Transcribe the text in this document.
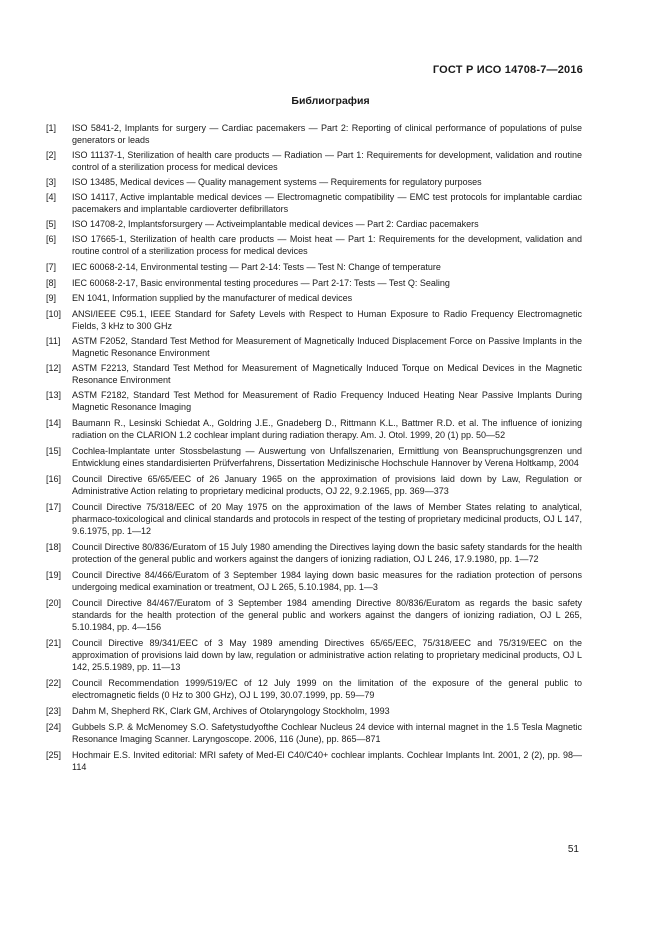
ГОСТ Р ИСО 14708-7—2016
Библиография
[1]	ISO 5841-2, Implants for surgery — Cardiac pacemakers — Part 2: Reporting of clinical performance of populations of pulse generators or leads
[2]	ISO 11137-1, Sterilization of health care products — Radiation — Part 1: Requirements for development, validation and routine control of a sterilization process for medical devices
[3]	ISO 13485, Medical devices — Quality management systems — Requirements for regulatory purposes
[4]	ISO 14117, Active implantable medical devices — Electromagnetic compatibility — EMC test protocols for implantable cardiac pacemakers and implantable cardioverter defibrillators
[5]	ISO 14708-2, Implantsforsurgery — Activeimplantable medical devices — Part 2: Cardiac pacemakers
[6]	ISO 17665-1, Sterilization of health care products — Moist heat — Part 1: Requirements for the development, validation and routine control of a sterilization process for medical devices
[7]	IEC 60068-2-14, Environmental testing — Part 2-14: Tests — Test N: Change of temperature
[8]	IEC 60068-2-17, Basic environmental testing procedures — Part 2-17: Tests — Test Q: Sealing
[9]	EN 1041, Information supplied by the manufacturer of medical devices
[10]	ANSI/IEEE C95.1, IEEE Standard for Safety Levels with Respect to Human Exposure to Radio Frequency Electromagnetic Fields, 3 kHz to 300 GHz
[11]	ASTM F2052, Standard Test Method for Measurement of Magnetically Induced Displacement Force on Passive Implants in the Magnetic Resonance Environment
[12]	ASTM F2213, Standard Test Method for Measurement of Magnetically Induced Torque on Medical Devices in the Magnetic Resonance Environment
[13]	ASTM F2182, Standard Test Method for Measurement of Radio Frequency Induced Heating Near Passive Implants During Magnetic Resonance Imaging
[14]	Baumann R., Lesinski Schiedat A., Goldring J.E., Gnadeberg D., Rittmann K.L., Battmer R.D. et al. The influence of ionizing radiation on the CLARION 1.2 cochlear implant during radiation therapy. Am. J. Otol. 1999, 20 (1) pp. 50—52
[15]	Cochlea-Implantate unter Stossbelastung — Auswertung von Unfallszenarien, Ermittlung von Beanspruchungsgrenzen und Entwicklung eines standardisierten Prüfverfahrens, Dissertation Medizinische Hochschule Hannover by Verena Holtkamp, 2004
[16]	Council Directive 65/65/EEC of 26 January 1965 on the approximation of provisions laid down by Law, Regulation or Administrative Action relating to proprietary medicinal products, OJ 22, 9.2.1965, pp. 369—373
[17]	Council Directive 75/318/EEC of 20 May 1975 on the approximation of the laws of Member States relating to analytical, pharmaco-toxicological and clinical standards and protocols in respect of the testing of proprietary medicinal products, OJ L 147, 9.6.1975, pp. 1—12
[18]	Council Directive 80/836/Euratom of 15 July 1980 amending the Directives laying down the basic safety standards for the health protection of the general public and workers against the dangers of ionizing radiation, OJ L 246, 17.9.1980, pp. 1—72
[19]	Council Directive 84/466/Euratom of 3 September 1984 laying down basic measures for the radiation protection of persons undergoing medical examination or treatment, OJ L 265, 5.10.1984, pp. 1—3
[20]	Council Directive 84/467/Euratom of 3 September 1984 amending Directive 80/836/Euratom as regards the basic safety standards for the health protection of the general public and workers against the dangers of ionizing radiation, OJ L 265, 5.10.1984, pp. 4—156
[21]	Council Directive 89/341/EEC of 3 May 1989 amending Directives 65/65/EEC, 75/318/EEC and 75/319/EEC on the approximation of provisions laid down by law, regulation or administrative action relating to proprietary medicinal products, OJ L 142, 25.5.1989, pp. 11—13
[22]	Council Recommendation 1999/519/EC of 12 July 1999 on the limitation of the exposure of the general public to electromagnetic fields (0 Hz to 300 GHz), OJ L 199, 30.07.1999, pp. 59—79
[23]	Dahm M, Shepherd RK, Clark GM, Archives of Otolaryngology Stockholm, 1993
[24]	Gubbels S.P. & McMenomey S.O. Safetystudyofthe Cochlear Nucleus 24 device with internal magnet in the 1.5 Tesla Magnetic Resonance Imaging Scanner. Laryngoscope. 2006, 116 (June), pp. 865—871
[25]	Hochmair E.S. Invited editorial: MRI safety of Med-El C40/C40+ cochlear implants. Cochlear Implants Int. 2001, 2 (2), pp. 98—114
51
